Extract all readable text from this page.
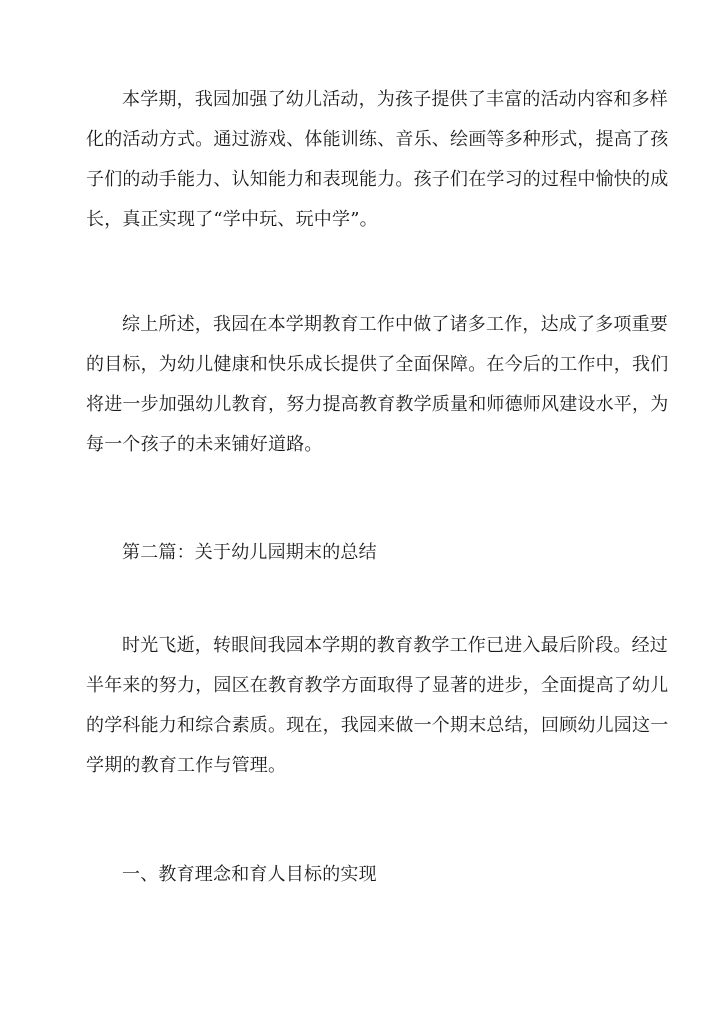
本学期，我园加强了幼儿活动，为孩子提供了丰富的活动内容和多样
化的活动方式。通过游戏、体能训练、音乐、绘画等多种形式，提高了孩
子们的动手能力、认知能力和表现能力。孩子们在学习的过程中愉快的成
长，真正实现了“学中玩、玩中学”。
综上所述，我园在本学期教育工作中做了诸多工作，达成了多项重要
的目标，为幼儿健康和快乐成长提供了全面保障。在今后的工作中，我们
将进一步加强幼儿教育，努力提高教育教学质量和师德师风建设水平，为
每一个孩子的未来铺好道路。
第二篇：关于幼儿园期末的总结
时光飞逝，转眼间我园本学期的教育教学工作已进入最后阶段。经过
半年来的努力，园区在教育教学方面取得了显著的进步，全面提高了幼儿
的学科能力和综合素质。现在，我园来做一个期末总结，回顾幼儿园这一
学期的教育工作与管理。
一、教育理念和育人目标的实现
